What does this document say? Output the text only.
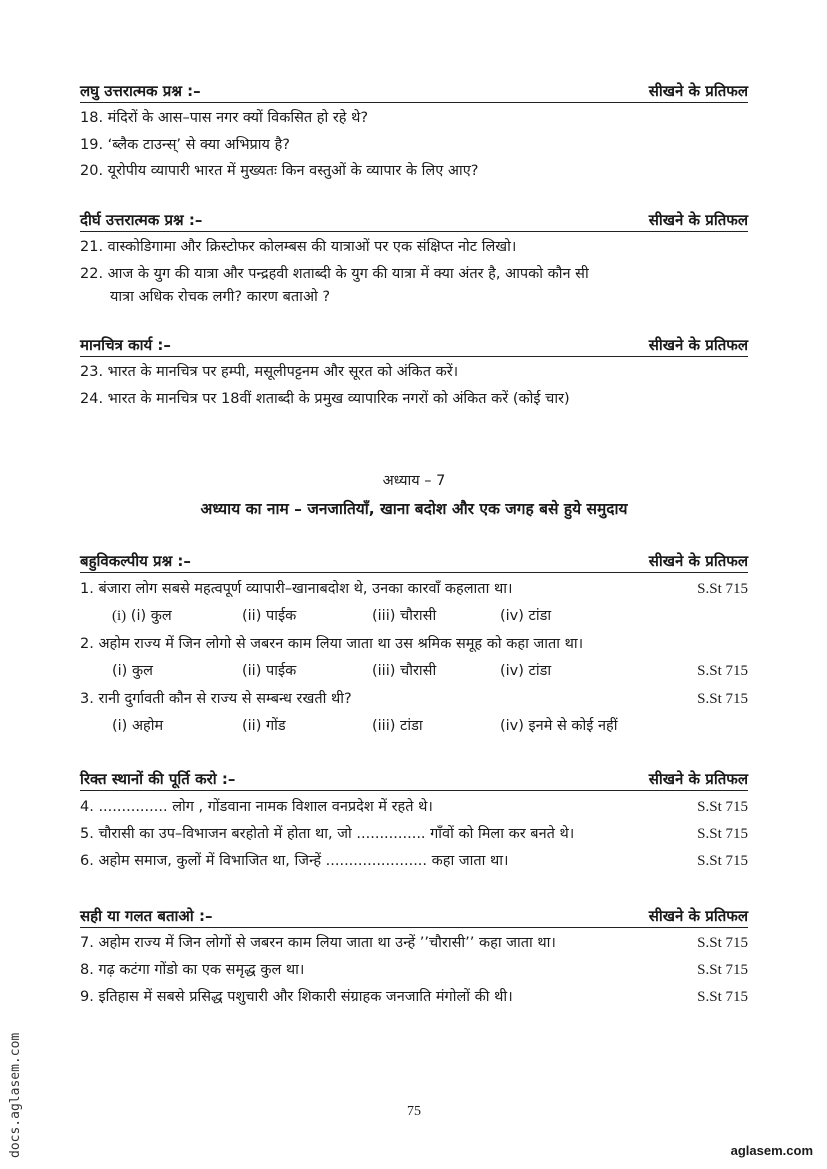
लघु उत्तरात्मक प्रश्न :–	सीखने के प्रतिफल
18. मंदिरों के आस–पास नगर क्यों विकसित हो रहे थे?
19. ‘ब्लैक टाउन्स्’ से क्या अभिप्राय है?
20. यूरोपीय व्यापारी भारत में मुख्यतः किन वस्तुओं के व्यापार के लिए आए?
दीर्घ उत्तरात्मक प्रश्न :–	सीखने के प्रतिफल
21. वास्कोडिगामा और क्रिस्टोफर कोलम्बस की यात्राओं पर एक संक्षिप्त नोट लिखो।
22. आज के युग की यात्रा और पन्द्रहवी शताब्दी के युग की यात्रा में क्या अंतर है, आपको कौन सी
यात्रा अधिक रोचक लगी? कारण बताओ ?
मानचित्र कार्य :–	सीखने के प्रतिफल
23. भारत के मानचित्र पर हम्पी, मसूलीपट्टनम और सूरत को अंकित करें।
24. भारत के मानचित्र पर 18वीं शताब्दी के प्रमुख व्यापारिक नगरों को अंकित करें (कोई चार)
अध्याय – 7
अध्याय का नाम – जनजातियाँ, खाना बदोश और एक जगह बसे हुये समुदाय
बहुविकल्पीय प्रश्न :–	सीखने के प्रतिफल
1. बंजारा लोग सबसे महत्वपूर्ण व्यापारी–खानाबदोश थे, उनका कारवाँ कहलाता था।	S.St 715
(i) (i) कुल	(ii) पाईक	(iii) चौरासी	(iv) टांडा
2. अहोम राज्य में जिन लोगो से जबरन काम लिया जाता था उस श्रमिक समूह को कहा जाता था।
(i) कुल	(ii) पाईक	(iii) चौरासी	(iv) टांडा	S.St 715
3. रानी दुर्गावती कौन से राज्य से सम्बन्ध रखती थी?	S.St 715
(i) अहोम	(ii) गोंड	(iii) टांडा	(iv) इनमे से कोई नहीं
रिक्त स्थानों की पूर्ति करो :–	सीखने के प्रतिफल
4. ............... लोग , गोंडवाना नामक विशाल वनप्रदेश में रहते थे।	S.St 715
5. चौरासी का उप–विभाजन बरहोतो में होता था, जो ............... गाँवों को मिला कर बनते थे।	S.St 715
6. अहोम समाज, कुलों में विभाजित था, जिन्हें ...................... कहा जाता था।	S.St 715
सही या गलत बताओ :–	सीखने के प्रतिफल
7. अहोम राज्य में जिन लोगों से जबरन काम लिया जाता था उन्हें ’’चौरासी’’ कहा जाता था।	S.St 715
8. गढ़ कटंगा गोंडो का एक समृद्ध कुल था।	S.St 715
9. इतिहास में सबसे प्रसिद्ध पशुचारी और शिकारी संग्राहक जनजाति मंगोलों की थी।	S.St 715
75
docs.aglasem.com	aglasem.com
